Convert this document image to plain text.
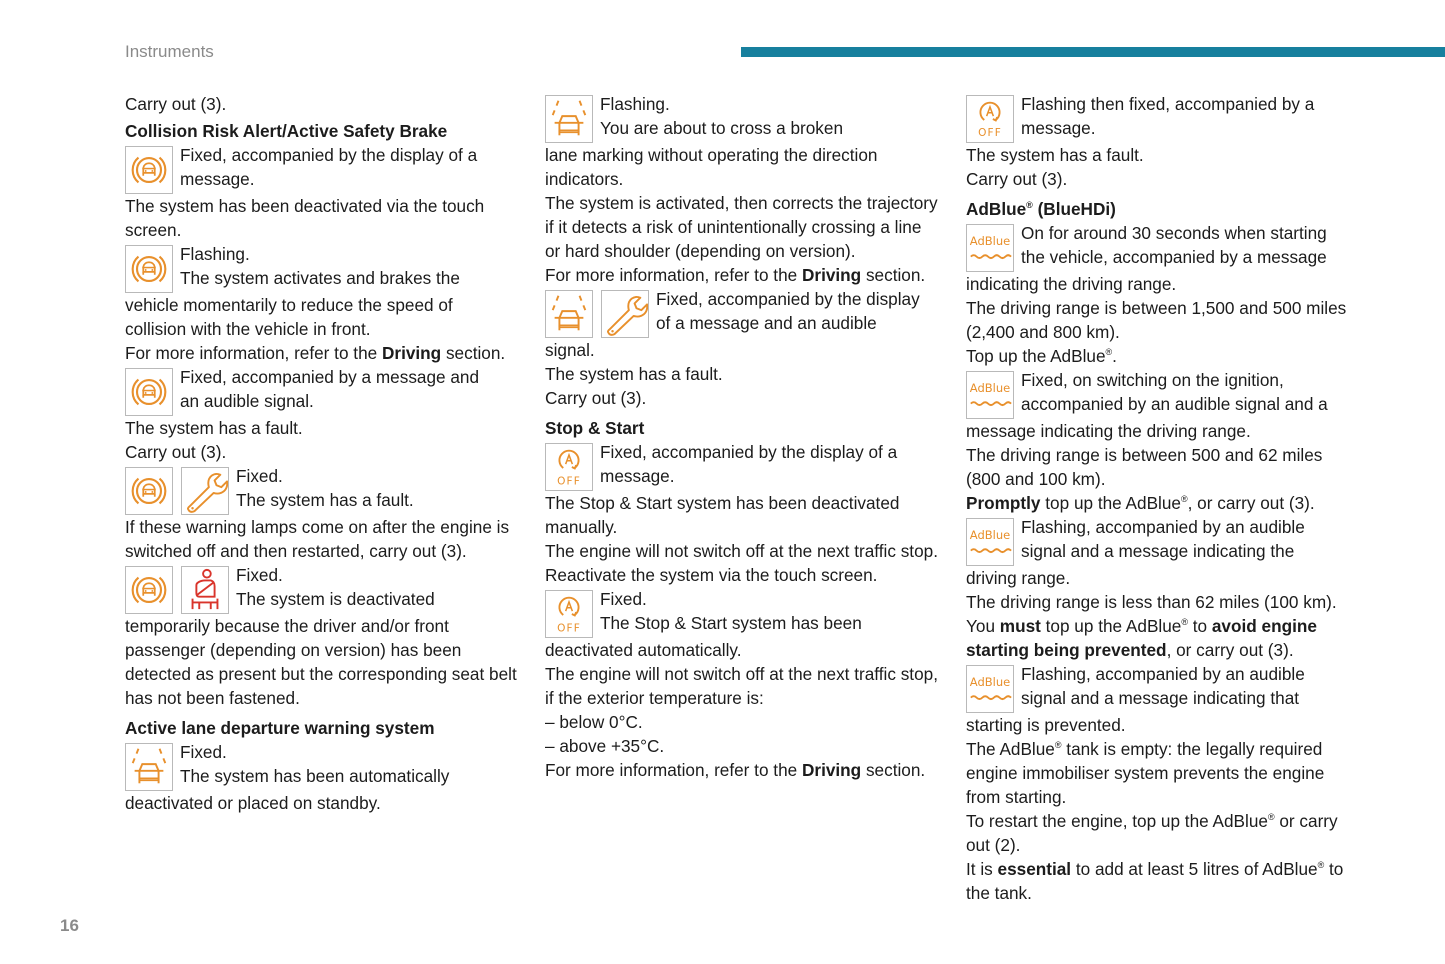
Instruments

Carry out (3).

Collision Risk Alert/Active Safety Brake
Fixed, accompanied by the display of a
message.

The system has been deactivated via the touch screen.

Flashing.
The system activates and brakes the

vehicle momentarily to reduce the speed of collision with the vehicle in front.

For more information, refer to the Driving section.

Fixed, accompanied by a message and
an audible signal.

The system has a fault.

Carry out (3).

Fixed.
The system has a fault.

If these warning lamps come on after the engine is switched off and then restarted, carry out (3).

Fixed.
The system is deactivated

temporarily because the driver and/or front passenger (depending on version) has been detected as present but the corresponding seat belt has not been fastened.

Active lane departure warning system
Fixed.
The system has been automatically

deactivated or placed on standby.

Flashing.
You are about to cross a broken

lane marking without operating the direction indicators.

The system is activated, then corrects the trajectory if it detects a risk of unintentionally crossing a line or hard shoulder (depending on version).

For more information, refer to the Driving section.

Fixed, accompanied by the display
of a message and an audible

signal.

The system has a fault.

Carry out (3).

Stop & Start
Fixed, accompanied by the display of a
message.

The Stop & Start system has been deactivated manually.

The engine will not switch off at the next traffic stop.

Reactivate the system via the touch screen.

Fixed.
The Stop & Start system has been

deactivated automatically.

The engine will not switch off at the next traffic stop, if the exterior temperature is:

– below 0°C.

– above +35°C.

For more information, refer to the Driving section.

Flashing then fixed, accompanied by a
message.

The system has a fault.

Carry out (3).

AdBlue® (BlueHDi)
AdBlue On for around 30 seconds when starting
the vehicle, accompanied by a message

indicating the driving range.

The driving range is between 1,500 and 500 miles (2,400 and 800 km).

Top up the AdBlue®.

AdBlue Fixed, on switching on the ignition,
accompanied by an audible signal and a

message indicating the driving range.

The driving range is between 500 and 62 miles (800 and 100 km).

Promptly top up the AdBlue®, or carry out (3).

AdBlue Flashing, accompanied by an audible
signal and a message indicating the

driving range.

The driving range is less than 62 miles (100 km).

You must top up the AdBlue® to avoid engine starting being prevented, or carry out (3).

AdBlue Flashing, accompanied by an audible
signal and a message indicating that

starting is prevented.

The AdBlue® tank is empty: the legally required engine immobiliser system prevents the engine from starting.

To restart the engine, top up the AdBlue® or carry out (2).

It is essential to add at least 5 litres of AdBlue® to the tank.

16
